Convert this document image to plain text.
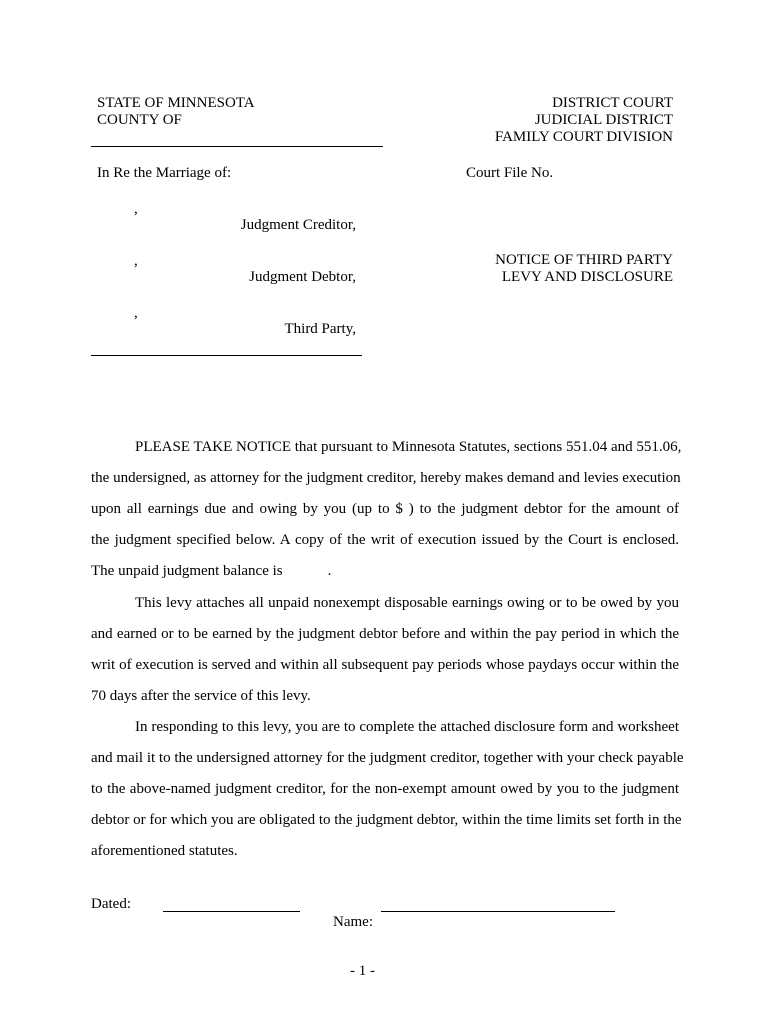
STATE OF MINNESOTA
COUNTY OF
DISTRICT COURT
JUDICIAL DISTRICT
FAMILY COURT DIVISION
In Re the Marriage of:	Court File No.
,
Judgment Creditor,
,
Judgment Debtor,
,
Third Party,
NOTICE OF THIRD PARTY
LEVY AND DISCLOSURE
PLEASE TAKE NOTICE that pursuant to Minnesota Statutes, sections 551.04 and 551.06,
the undersigned, as attorney for the judgment creditor, hereby makes demand and levies execution
upon all earnings due and owing by you (up to $ ) to the judgment debtor for the amount of
the judgment specified below. A copy of the writ of execution issued by the Court is enclosed.
The unpaid judgment balance is            .
This levy attaches all unpaid nonexempt disposable earnings owing or to be owed by you
and earned or to be earned by the judgment debtor before and within the pay period in which the
writ of execution is served and within all subsequent pay periods whose paydays occur within the
70 days after the service of this levy.
In responding to this levy, you are to complete the attached disclosure form and worksheet
and mail it to the undersigned attorney for the judgment creditor, together with your check payable
to the above-named judgment creditor, for the non-exempt amount owed by you to the judgment
debtor or for which you are obligated to the judgment debtor, within the time limits set forth in the
aforementioned statutes.
Dated:
Name:
- 1 -
